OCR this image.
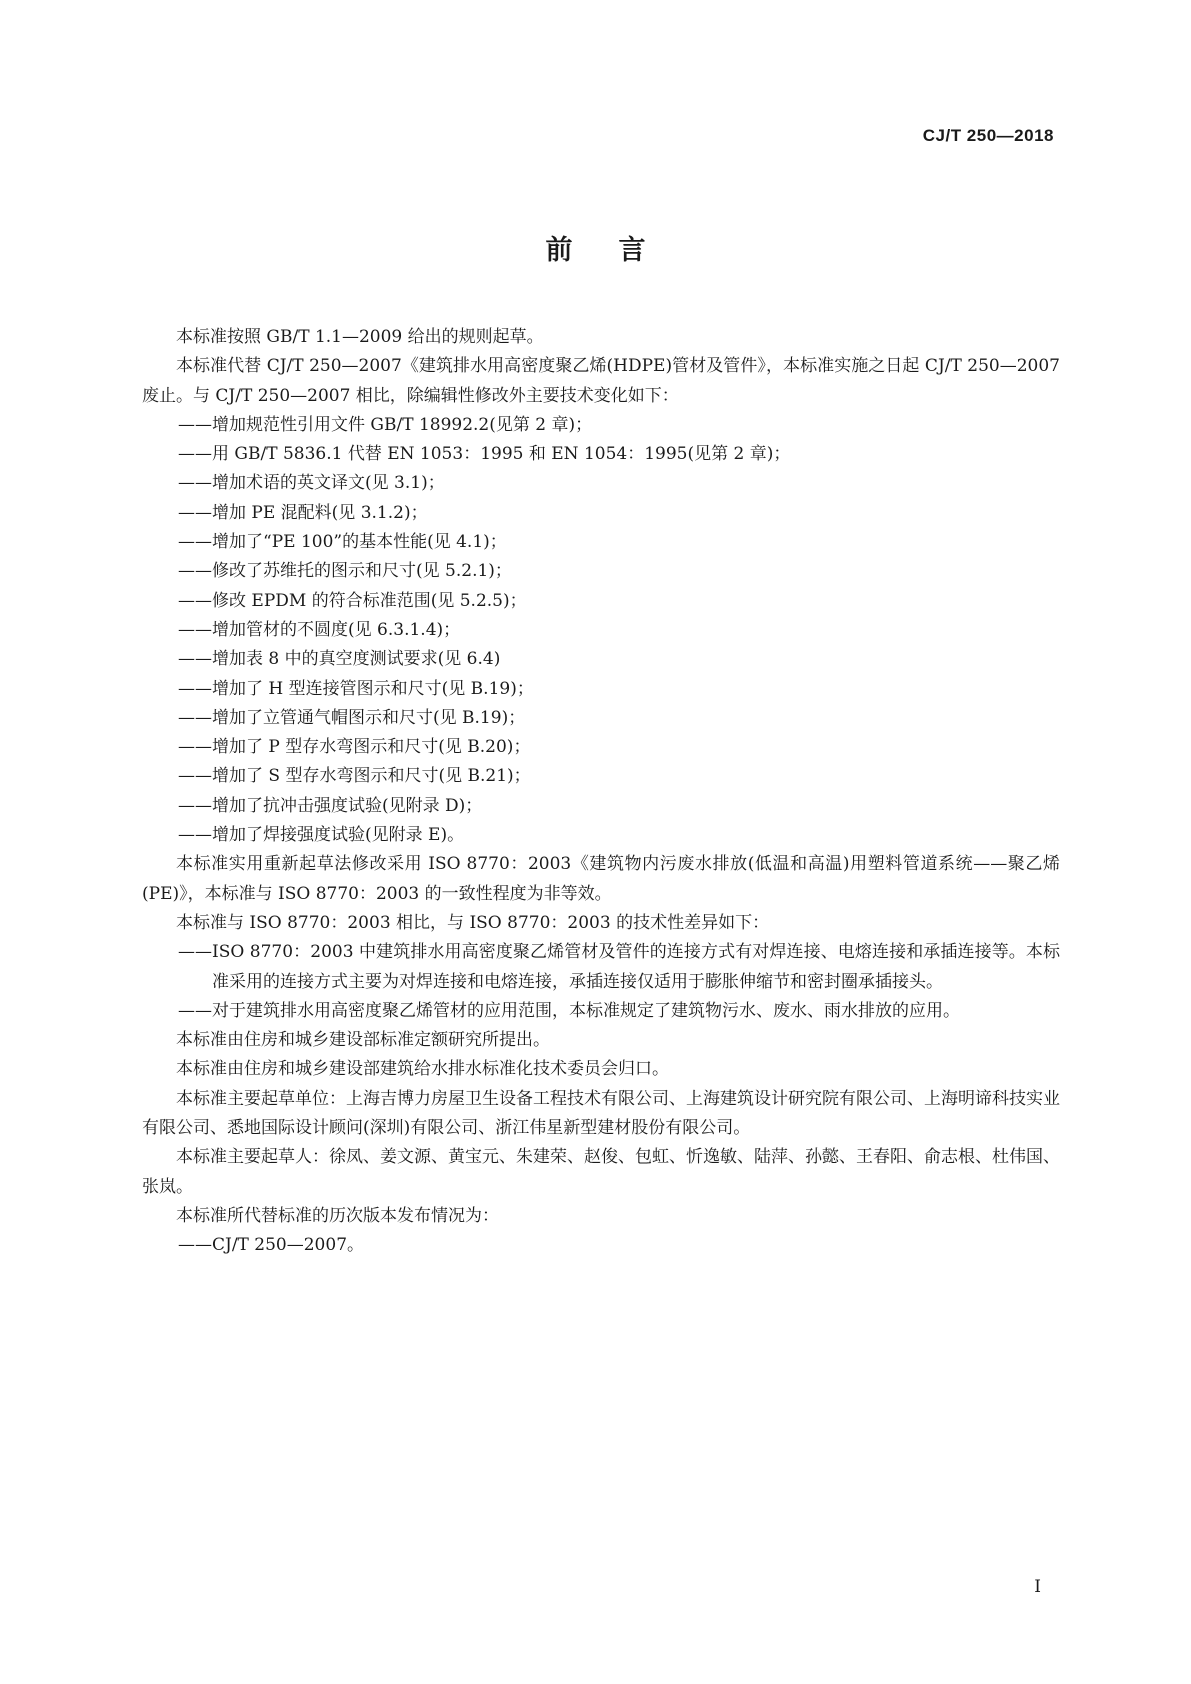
CJ/T 250—2018
前言

本标准按照 GB/T 1.1—2009 给出的规则起草。

本标准代替 CJ/T 250—2007《建筑排水用高密度聚乙烯(HDPE)管材及管件》，本标准实施之日起 CJ/T 250—2007 废止。与 CJ/T 250—2007 相比，除编辑性修改外主要技术变化如下：

——增加规范性引用文件 GB/T 18992.2(见第 2 章)；

——用 GB/T 5836.1 代替 EN 1053：1995 和 EN 1054：1995(见第 2 章)；

——增加术语的英文译文(见 3.1)；

——增加 PE 混配料(见 3.1.2)；

——增加了“PE 100”的基本性能(见 4.1)；

——修改了苏维托的图示和尺寸(见 5.2.1)；

——修改 EPDM 的符合标准范围(见 5.2.5)；

——增加管材的不圆度(见 6.3.1.4)；

——增加表 8 中的真空度测试要求(见 6.4)

——增加了 H 型连接管图示和尺寸(见 B.19)；

——增加了立管通气帽图示和尺寸(见 B.19)；

——增加了 P 型存水弯图示和尺寸(见 B.20)；

——增加了 S 型存水弯图示和尺寸(见 B.21)；

——增加了抗冲击强度试验(见附录 D)；

——增加了焊接强度试验(见附录 E)。

本标准实用重新起草法修改采用 ISO 8770：2003《建筑物内污废水排放(低温和高温)用塑料管道系统——聚乙烯(PE)》，本标准与 ISO 8770：2003 的一致性程度为非等效。

本标准与 ISO 8770：2003 相比，与 ISO 8770：2003 的技术性差异如下：

——ISO 8770：2003 中建筑排水用高密度聚乙烯管材及管件的连接方式有对焊连接、电熔连接和承插连接等。本标准采用的连接方式主要为对焊连接和电熔连接，承插连接仅适用于膨胀伸缩节和密封圈承插接头。

——对于建筑排水用高密度聚乙烯管材的应用范围，本标准规定了建筑物污水、废水、雨水排放的应用。

本标准由住房和城乡建设部标准定额研究所提出。

本标准由住房和城乡建设部建筑给水排水标准化技术委员会归口。

本标准主要起草单位：上海吉博力房屋卫生设备工程技术有限公司、上海建筑设计研究院有限公司、上海明谛科技实业有限公司、悉地国际设计顾问(深圳)有限公司、浙江伟星新型建材股份有限公司。

本标准主要起草人：徐凤、姜文源、黄宝元、朱建荣、赵俊、包虹、忻逸敏、陆萍、孙懿、王春阳、俞志根、杜伟国、张岚。

本标准所代替标准的历次版本发布情况为：

——CJ/T 250—2007。

I
